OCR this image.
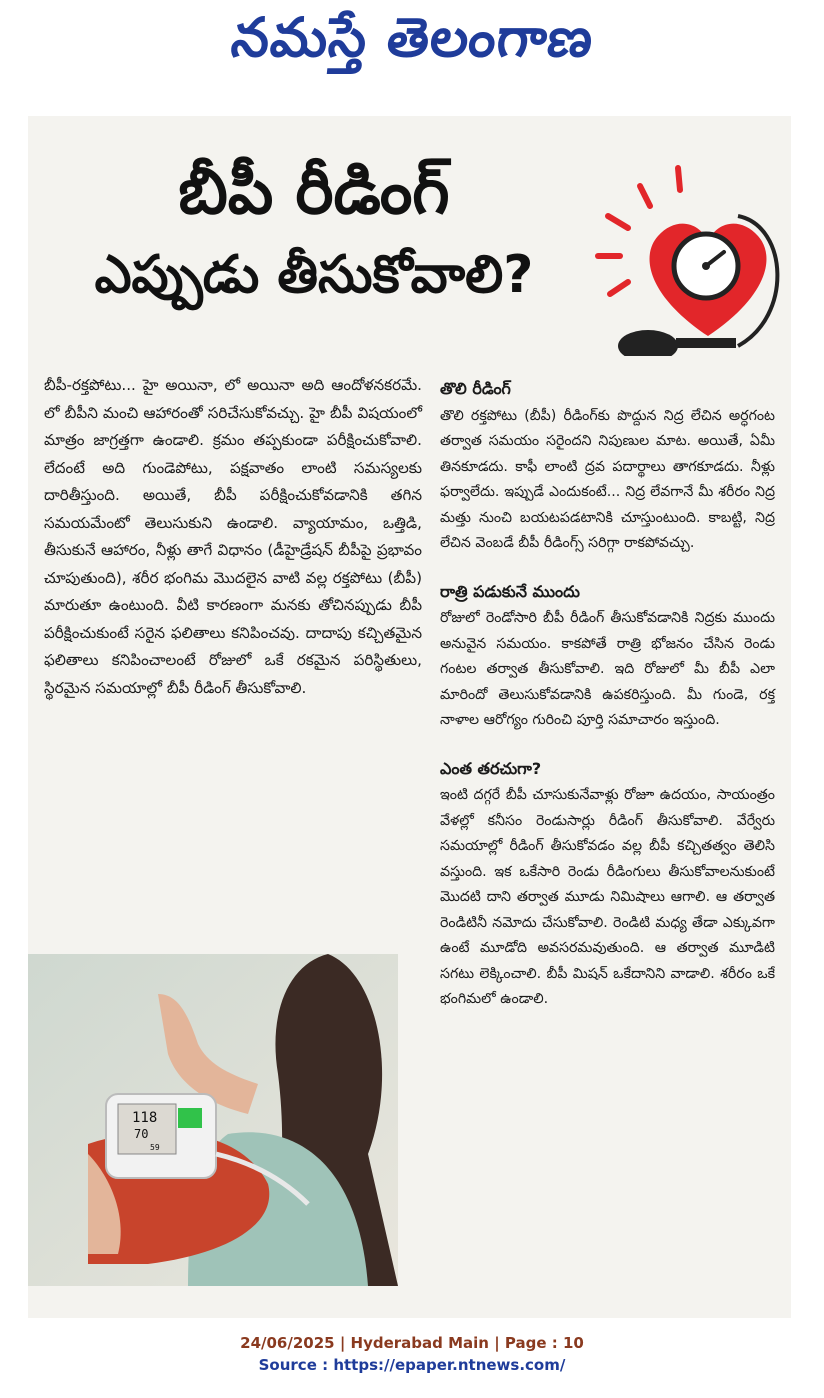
నమస్తే తెలంగాణ
బీపీ రీడింగ్
ఎప్పుడు తీసుకోవాలి?

బీపీ-రక్తపోటు... హై అయినా, లో అయినా అది ఆందోళనకరమే. లో బీపీని మంచి ఆహారంతో సరిచేసుకోవచ్చు. హై బీపీ విషయంలో మాత్రం జాగ్రత్తగా ఉండాలి. క్రమం తప్పకుండా పరీక్షించుకోవాలి. లేదంటే అది గుండెపోటు, పక్షవాతం లాంటి సమస్యలకు దారితీస్తుంది. అయితే, బీపీ పరీక్షించుకోవడానికి తగిన సమయమేంటో తెలుసుకుని ఉండాలి. వ్యాయామం, ఒత్తిడి, తీసుకునే ఆహారం, నీళ్లు తాగే విధానం (డీహైడ్రేషన్ బీపీపై ప్రభావం చూపుతుంది), శరీర భంగిమ మొదలైన వాటి వల్ల రక్తపోటు (బీపీ) మారుతూ ఉంటుంది. వీటి కారణంగా మనకు తోచినప్పుడు బీపీ పరీక్షించుకుంటే సరైన ఫలితాలు కనిపించవు. దాదాపు కచ్చితమైన ఫలితాలు కనిపించాలంటే రోజులో ఒకే రకమైన పరిస్థితులు, స్థిరమైన సమయాల్లో బీపీ రీడింగ్ తీసుకోవాలి.

తొలి రీడింగ్

తొలి రక్తపోటు (బీపీ) రీడింగ్‌కు పొద్దున నిద్ర లేచిన అర్ధగంట తర్వాత సమయం సరైందని నిపుణుల మాట. అయితే, ఏమీ తినకూడదు. కాఫీ లాంటి ద్రవ పదార్థాలు తాగకూడదు. నీళ్లు ఫర్వాలేదు. ఇప్పుడే ఎందుకంటే... నిద్ర లేవగానే మీ శరీరం నిద్ర మత్తు నుంచి బయటపడటానికి చూస్తుంటుంది. కాబట్టి, నిద్ర లేచిన వెంబడే బీపీ రీడింగ్స్ సరిగ్గా రాకపోవచ్చు.

రాత్రి పడుకునే ముందు

రోజులో రెండోసారి బీపీ రీడింగ్ తీసుకోవడానికి నిద్రకు ముందు అనువైన సమయం. కాకపోతే రాత్రి భోజనం చేసిన రెండు గంటల తర్వాత తీసుకోవాలి. ఇది రోజులో మీ బీపీ ఎలా మారిందో తెలుసుకోవడానికి ఉపకరిస్తుంది. మీ గుండె, రక్త నాళాల ఆరోగ్యం గురించి పూర్తి సమాచారం ఇస్తుంది.

ఎంత తరచుగా?

ఇంటి దగ్గరే బీపీ చూసుకునేవాళ్లు రోజూ ఉదయం, సాయంత్రం వేళల్లో కనీసం రెండుసార్లు రీడింగ్ తీసుకోవాలి. వేర్వేరు సమయాల్లో రీడింగ్ తీసుకోవడం వల్ల బీపీ కచ్చితత్వం తెలిసి వస్తుంది. ఇక ఒకేసారి రెండు రీడింగులు తీసుకోవాలనుకుంటే మొదటి దాని తర్వాత మూడు నిమిషాలు ఆగాలి. ఆ తర్వాత రెండిటినీ నమోదు చేసుకోవాలి. రెండిటి మధ్య తేడా ఎక్కువగా ఉంటే మూడోది అవసరమవుతుంది. ఆ తర్వాత మూడిటి సగటు లెక్కించాలి. బీపీ మిషన్ ఒకేదానిని వాడాలి. శరీరం ఒకే భంగిమలో ఉండాలి.

118
70
59
24/06/2025 | Hyderabad Main | Page : 10
Source : https://epaper.ntnews.com/
